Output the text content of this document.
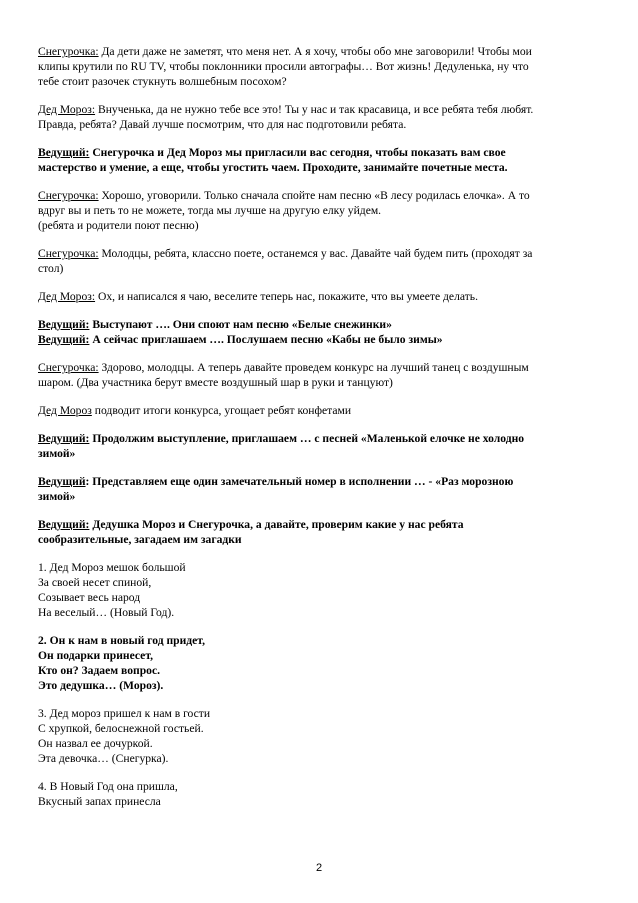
Снегурочка: Да дети даже не заметят, что меня нет. А я хочу, чтобы обо мне заговорили! Чтобы мои
клипы крутили по RU TV, чтобы поклонники просили автографы… Вот жизнь! Дедуленька, ну что
тебе стоит разочек стукнуть волшебным посохом?
Дед Мороз: Внученька, да не нужно тебе все это! Ты у нас и так красавица, и все ребята тебя любят.
Правда, ребята? Давай лучше посмотрим, что для нас подготовили ребята.
Ведущий: Снегурочка и Дед Мороз мы пригласили вас сегодня, чтобы показать вам свое
мастерство и умение, а еще, чтобы угостить чаем. Проходите, занимайте почетные места.
Снегурочка: Хорошо, уговорили. Только сначала спойте нам песню «В лесу родилась елочка». А то
вдруг вы и петь то не можете, тогда мы лучше на другую елку уйдем.
(ребята и родители поют песню)
Снегурочка: Молодцы, ребята, классно поете, останемся у вас. Давайте чай будем пить (проходят за
стол)
Дед Мороз: Ох, и написался я чаю, веселите теперь нас, покажите, что вы умеете делать.
Ведущий: Выступают …. Они споют нам песню «Белые снежинки»
Ведущий: А сейчас приглашаем …. Послушаем песню «Кабы не было зимы»
Снегурочка: Здорово, молодцы. А теперь давайте проведем конкурс на лучший танец с воздушным
шаром. (Два участника берут вместе воздушный шар в руки и танцуют)
Дед Мороз подводит итоги конкурса, угощает ребят конфетами
Ведущий: Продолжим выступление, приглашаем … с песней «Маленькой елочке не холодно
зимой»
Ведущий: Представляем еще один замечательный номер в исполнении … - «Раз морозною
зимой»
Ведущий: Дедушка Мороз и Снегурочка, а давайте, проверим какие у нас ребята
сообразительные, загадаем им загадки
1. Дед Мороз мешок большой
За своей несет спиной,
Созывает весь народ
На веселый… (Новый Год).
2. Он к нам в новый год придет,
Он подарки принесет,
Кто он? Задаем вопрос.
Это дедушка… (Мороз).
3. Дед мороз пришел к нам в гости
С хрупкой, белоснежной гостьей.
Он назвал ее дочуркой.
Эта девочка… (Снегурка).
4. В Новый Год она пришла,
Вкусный запах принесла
2
